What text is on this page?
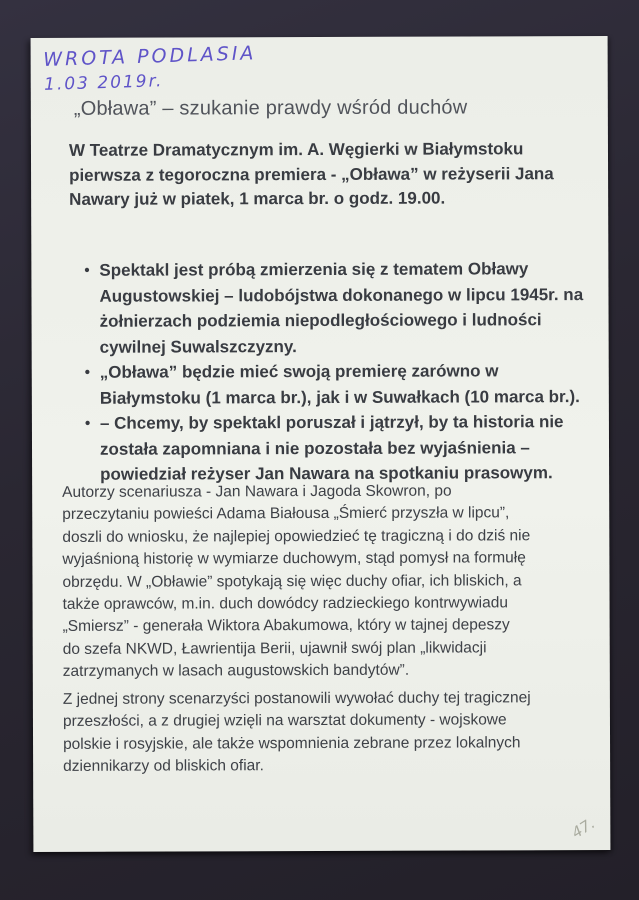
WROTA PODLASIA
1.03 2019r.
„Obława” – szukanie prawdy wśród duchów
W Teatrze Dramatycznym im. A. Węgierki w Białymstoku
pierwsza z tegoroczna premiera - „Obława” w reżyserii Jana
Nawary już w piatek, 1 marca br. o godz. 19.00.
• Spektakl jest próbą zmierzenia się z tematem Obławy
Augustowskiej – ludobójstwa dokonanego w lipcu 1945r. na
żołnierzach podziemia niepodległościowego i ludności
cywilnej Suwalszczyzny.
• „Obława” będzie mieć swoją premierę zarówno w
Białymstoku (1 marca br.), jak i w Suwałkach (10 marca br.).
• – Chcemy, by spektakl poruszał i jątrzył, by ta historia nie
została zapomniana i nie pozostała bez wyjaśnienia –
powiedział reżyser Jan Nawara na spotkaniu prasowym.
Autorzy scenariusza - Jan Nawara i Jagoda Skowron, po
przeczytaniu powieści Adama Białousa „Śmierć przyszła w lipcu”,
doszli do wniosku, że najlepiej opowiedzieć tę tragiczną i do dziś nie
wyjaśnioną historię w wymiarze duchowym, stąd pomysł na formułę
obrzędu. W „Obławie” spotykają się więc duchy ofiar, ich bliskich, a
także oprawców, m.in. duch dowódcy radzieckiego kontrwywiadu
„Smiersz” - generała Wiktora Abakumowa, który w tajnej depeszy
do szefa NKWD, Ławrientija Berii, ujawnił swój plan „likwidacji
zatrzymanych w lasach augustowskich bandytów”.
Z jednej strony scenarzyści postanowili wywołać duchy tej tragicznej
przeszłości, a z drugiej wzięli na warsztat dokumenty - wojskowe
polskie i rosyjskie, ale także wspomnienia zebrane przez lokalnych
dziennikarzy od bliskich ofiar.
47.
